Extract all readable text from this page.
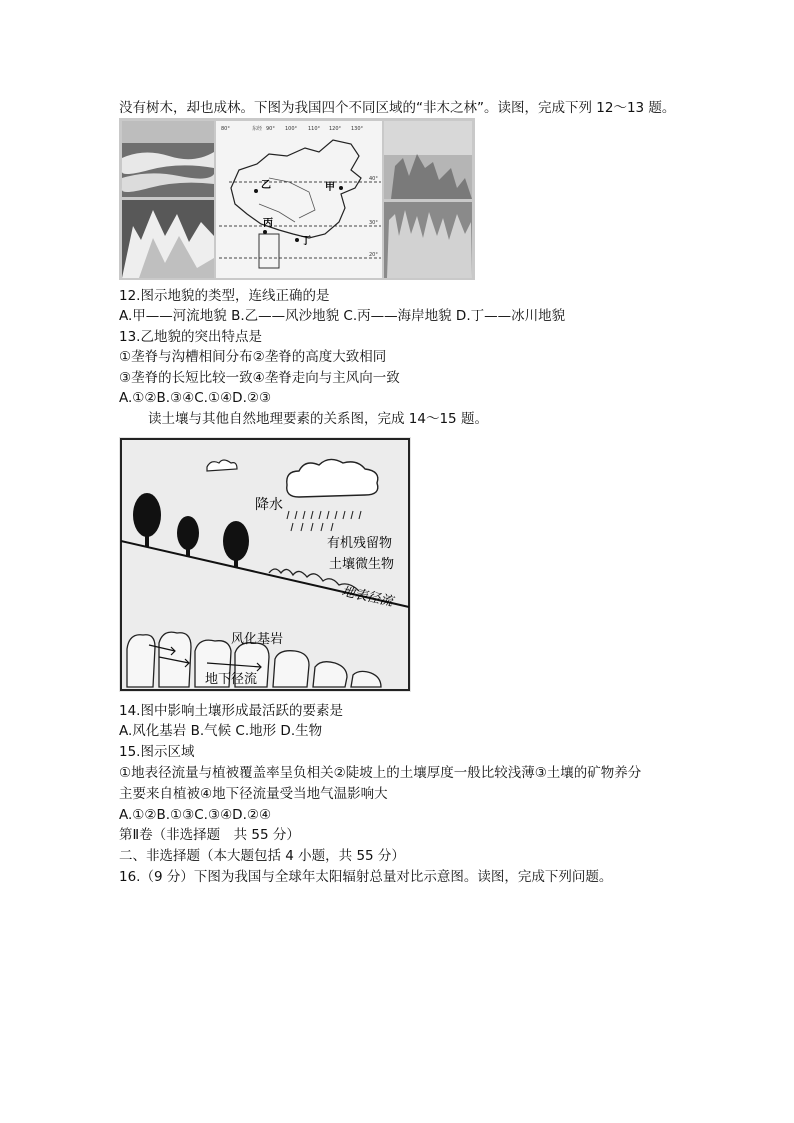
没有树木，却也成林。下图为我国四个不同区域的“非木之林”。读图，完成下列 12～13 题。
甲
乙
丙
丁
东经
80°	90° 100° 110° 120° 130°
40°
30°
20°
12.图示地貌的类型，连线正确的是
A.甲——河流地貌 B.乙——风沙地貌 C.丙——海岸地貌 D.丁——冰川地貌
13.乙地貌的突出特点是
①垄脊与沟槽相间分布②垄脊的高度大致相同
③垄脊的长短比较一致④垄脊走向与主风向一致
A.①②B.③④C.①④D.②③
读土壤与其他自然地理要素的关系图，完成 14～15 题。
降水
有机残留物
土壤微生物
地表径流
风化基岩
地下径流
14.图中影响土壤形成最活跃的要素是
A.风化基岩 B.气候 C.地形 D.生物
15.图示区域
①地表径流量与植被覆盖率呈负相关②陡坡上的土壤厚度一般比较浅薄③土壤的矿物养分
主要来自植被④地下径流量受当地气温影响大
A.①②B.①③C.③④D.②④
第Ⅱ卷（非选择题　共 55 分）
二、非选择题（本大题包括 4 小题，共 55 分）
16.（9 分）下图为我国与全球年太阳辐射总量对比示意图。读图，完成下列问题。
